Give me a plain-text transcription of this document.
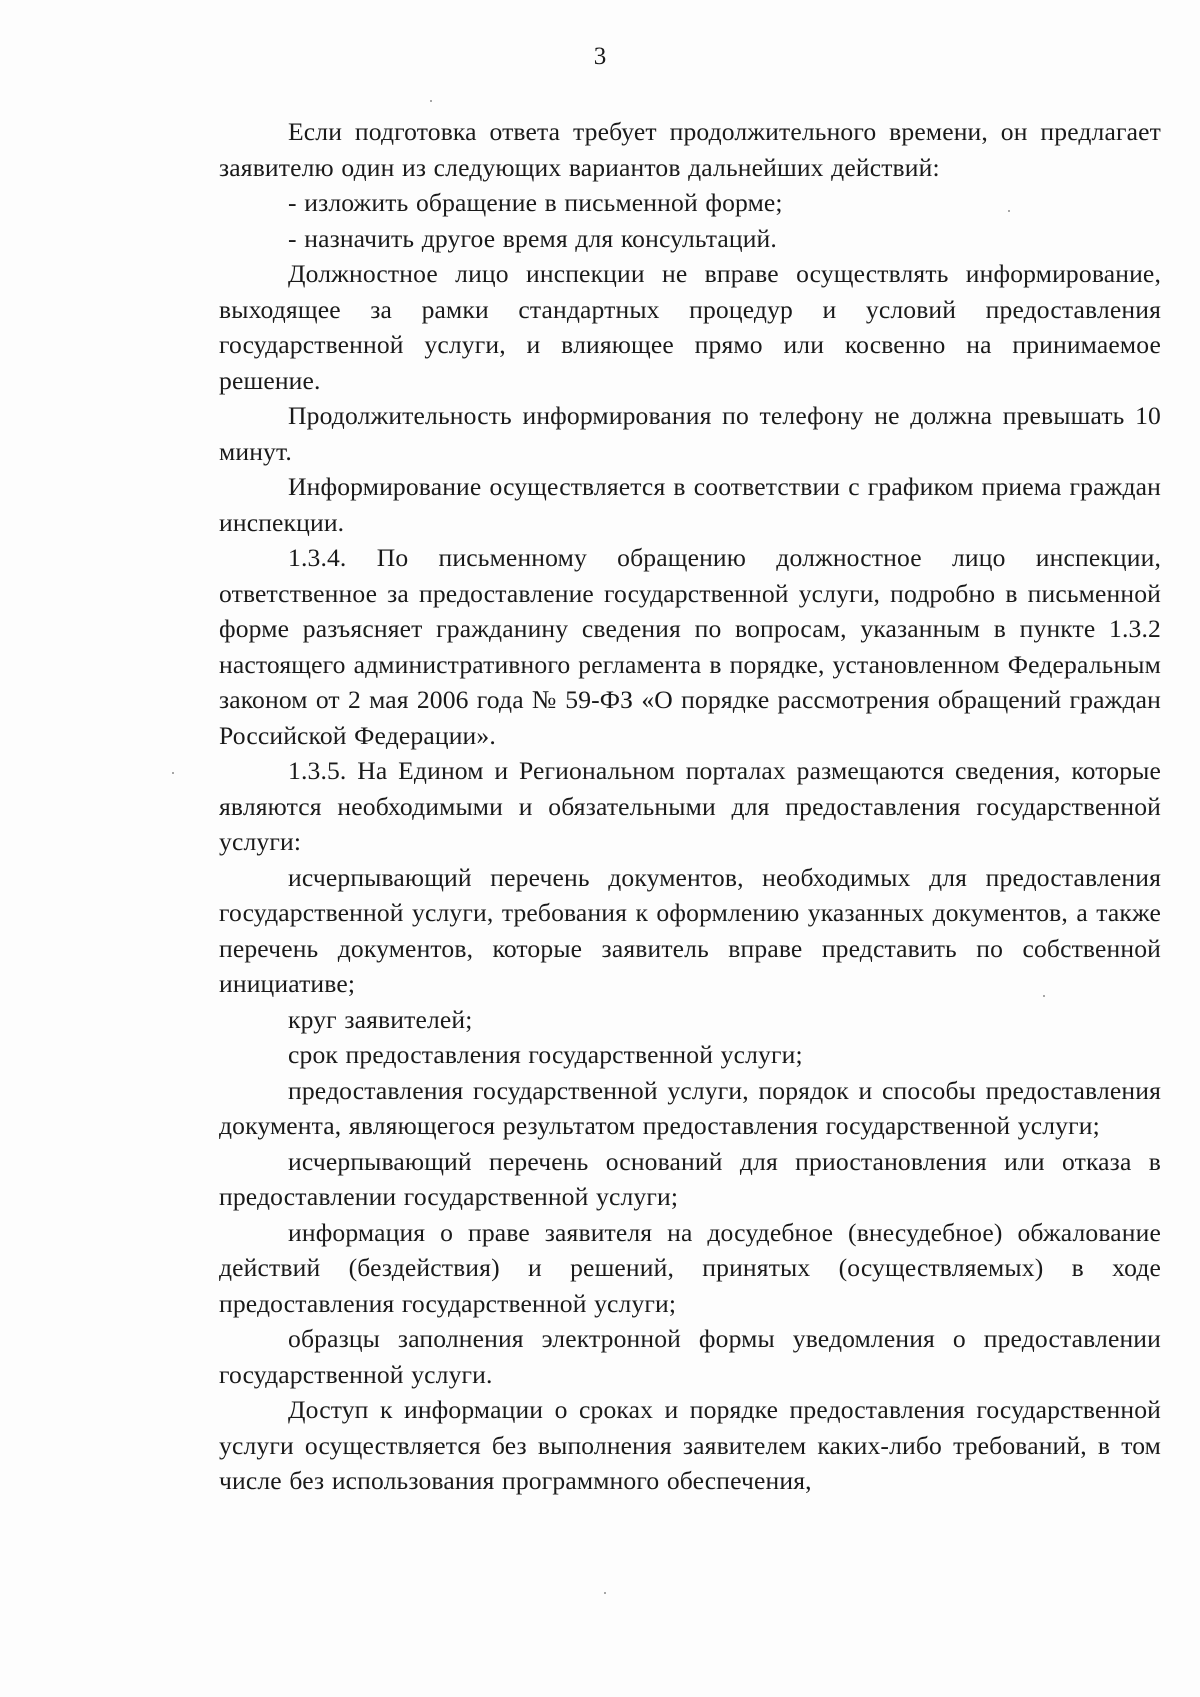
3

Если подготовка ответа требует продолжительного времени, он предлагает заявителю один из следующих вариантов дальнейших действий:

- изложить обращение в письменной форме;

- назначить другое время для консультаций.

Должностное лицо инспекции не вправе осуществлять информирование, выходящее за рамки стандартных процедур и условий предоставления государственной услуги, и влияющее прямо или косвенно на принимаемое решение.

Продолжительность информирования по телефону не должна превышать 10 минут.

Информирование осуществляется в соответствии с графиком приема граждан инспекции.

1.3.4. По письменному обращению должностное лицо инспекции, ответственное за предоставление государственной услуги, подробно в письменной форме разъясняет гражданину сведения по вопросам, указанным в пункте 1.3.2 настоящего административного регламента в порядке, установленном Федеральным законом от 2 мая 2006 года № 59-ФЗ «О порядке рассмотрения обращений граждан Российской Федерации».

1.3.5. На Едином и Региональном порталах размещаются сведения, которые являются необходимыми и обязательными для предоставления государственной услуги:

исчерпывающий перечень документов, необходимых для предоставления государственной услуги, требования к оформлению указанных документов, а также перечень документов, которые заявитель вправе представить по собственной инициативе;

круг заявителей;

срок предоставления государственной услуги;

предоставления государственной услуги, порядок и способы предоставления документа, являющегося результатом предоставления государственной услуги;

исчерпывающий перечень оснований для приостановления или отказа в предоставлении государственной услуги;

информация о праве заявителя на досудебное (внесудебное) обжалование действий (бездействия) и решений, принятых (осуществляемых) в ходе предоставления государственной услуги;

образцы заполнения электронной формы уведомления о предоставлении государственной услуги.

Доступ к информации о сроках и порядке предоставления государственной услуги осуществляется без выполнения заявителем каких-либо требований, в том числе без использования программного обеспечения,
